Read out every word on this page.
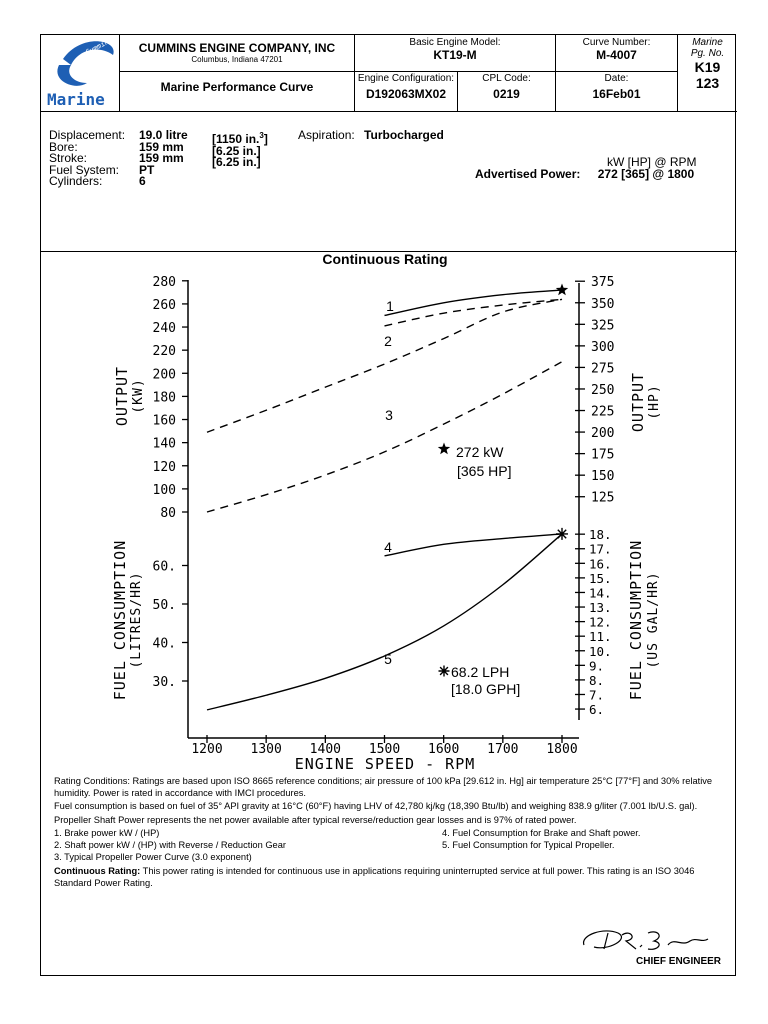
Cummins
Marine
CUMMINS ENGINE COMPANY, INC
Columbus, Indiana 47201
Marine Performance Curve
Basic Engine Model:
KT19-M
Curve Number:
M-4007
Engine Configuration:
D192063MX02
CPL Code:
0219
Date:
16Feb01
Marine
Pg. No.
K19
123
Displacement:
Bore:
Stroke:
Fuel System:
Cylinders:
19.0 litre
159 mm
159 mm
PT
6
[1150 in.$^3$]
[6.25 in.]
[6.25 in.]
Aspiration: Turbocharged
kW [HP] @ RPM
Advertised Power: 272 [365] @ 1800
Continuous Rating
80
100
120
140
160
180
200
220
240
260
280
125
150
175
200
225
250
275
300
325
350
375
30.
40.
50.
60.
6.
7.
8.
9.
10.
11.
12.
13.
14.
15.
16.
17.
18.
1200 1300 1400 1500 1600 1700 1800
ENGINE SPEED - RPM
OUTPUT (KW)
FUEL CONSUMPTION (LITRES/HR)
OUTPUT (HP)
FUEL CONSUMPTION (US GAL/HR)
1
2
3
4
5
272 kW
[365 HP]
68.2 LPH
[18.0 GPH]

Rating Conditions: Ratings are based upon ISO 8665 reference conditions; air pressure of 100 kPa [29.612 in. Hg] air temperature 25°C [77°F] and 30% relative humidity. Power is rated in accordance with IMCI procedures.

Fuel consumption is based on fuel of 35° API gravity at 16°C (60°F) having LHV of 42,780 kj/kg (18,390 Btu/lb) and weighing 838.9 g/liter (7.001 lb/U.S. gal).

Propeller Shaft Power represents the net power available after typical reverse/reduction gear losses and is 97% of rated power.

1. Brake power kW / (HP)	4. Fuel Consumption for Brake and Shaft power.
2. Shaft power kW / (HP) with Reverse / Reduction Gear	5. Fuel Consumption for Typical Propeller.
3. Typical Propeller Power Curve (3.0 exponent)

Continuous Rating: This power rating is intended for continuous use in applications requiring uninterrupted service at full power. This rating is an ISO 3046 Standard Power Rating.

CHIEF ENGINEER
